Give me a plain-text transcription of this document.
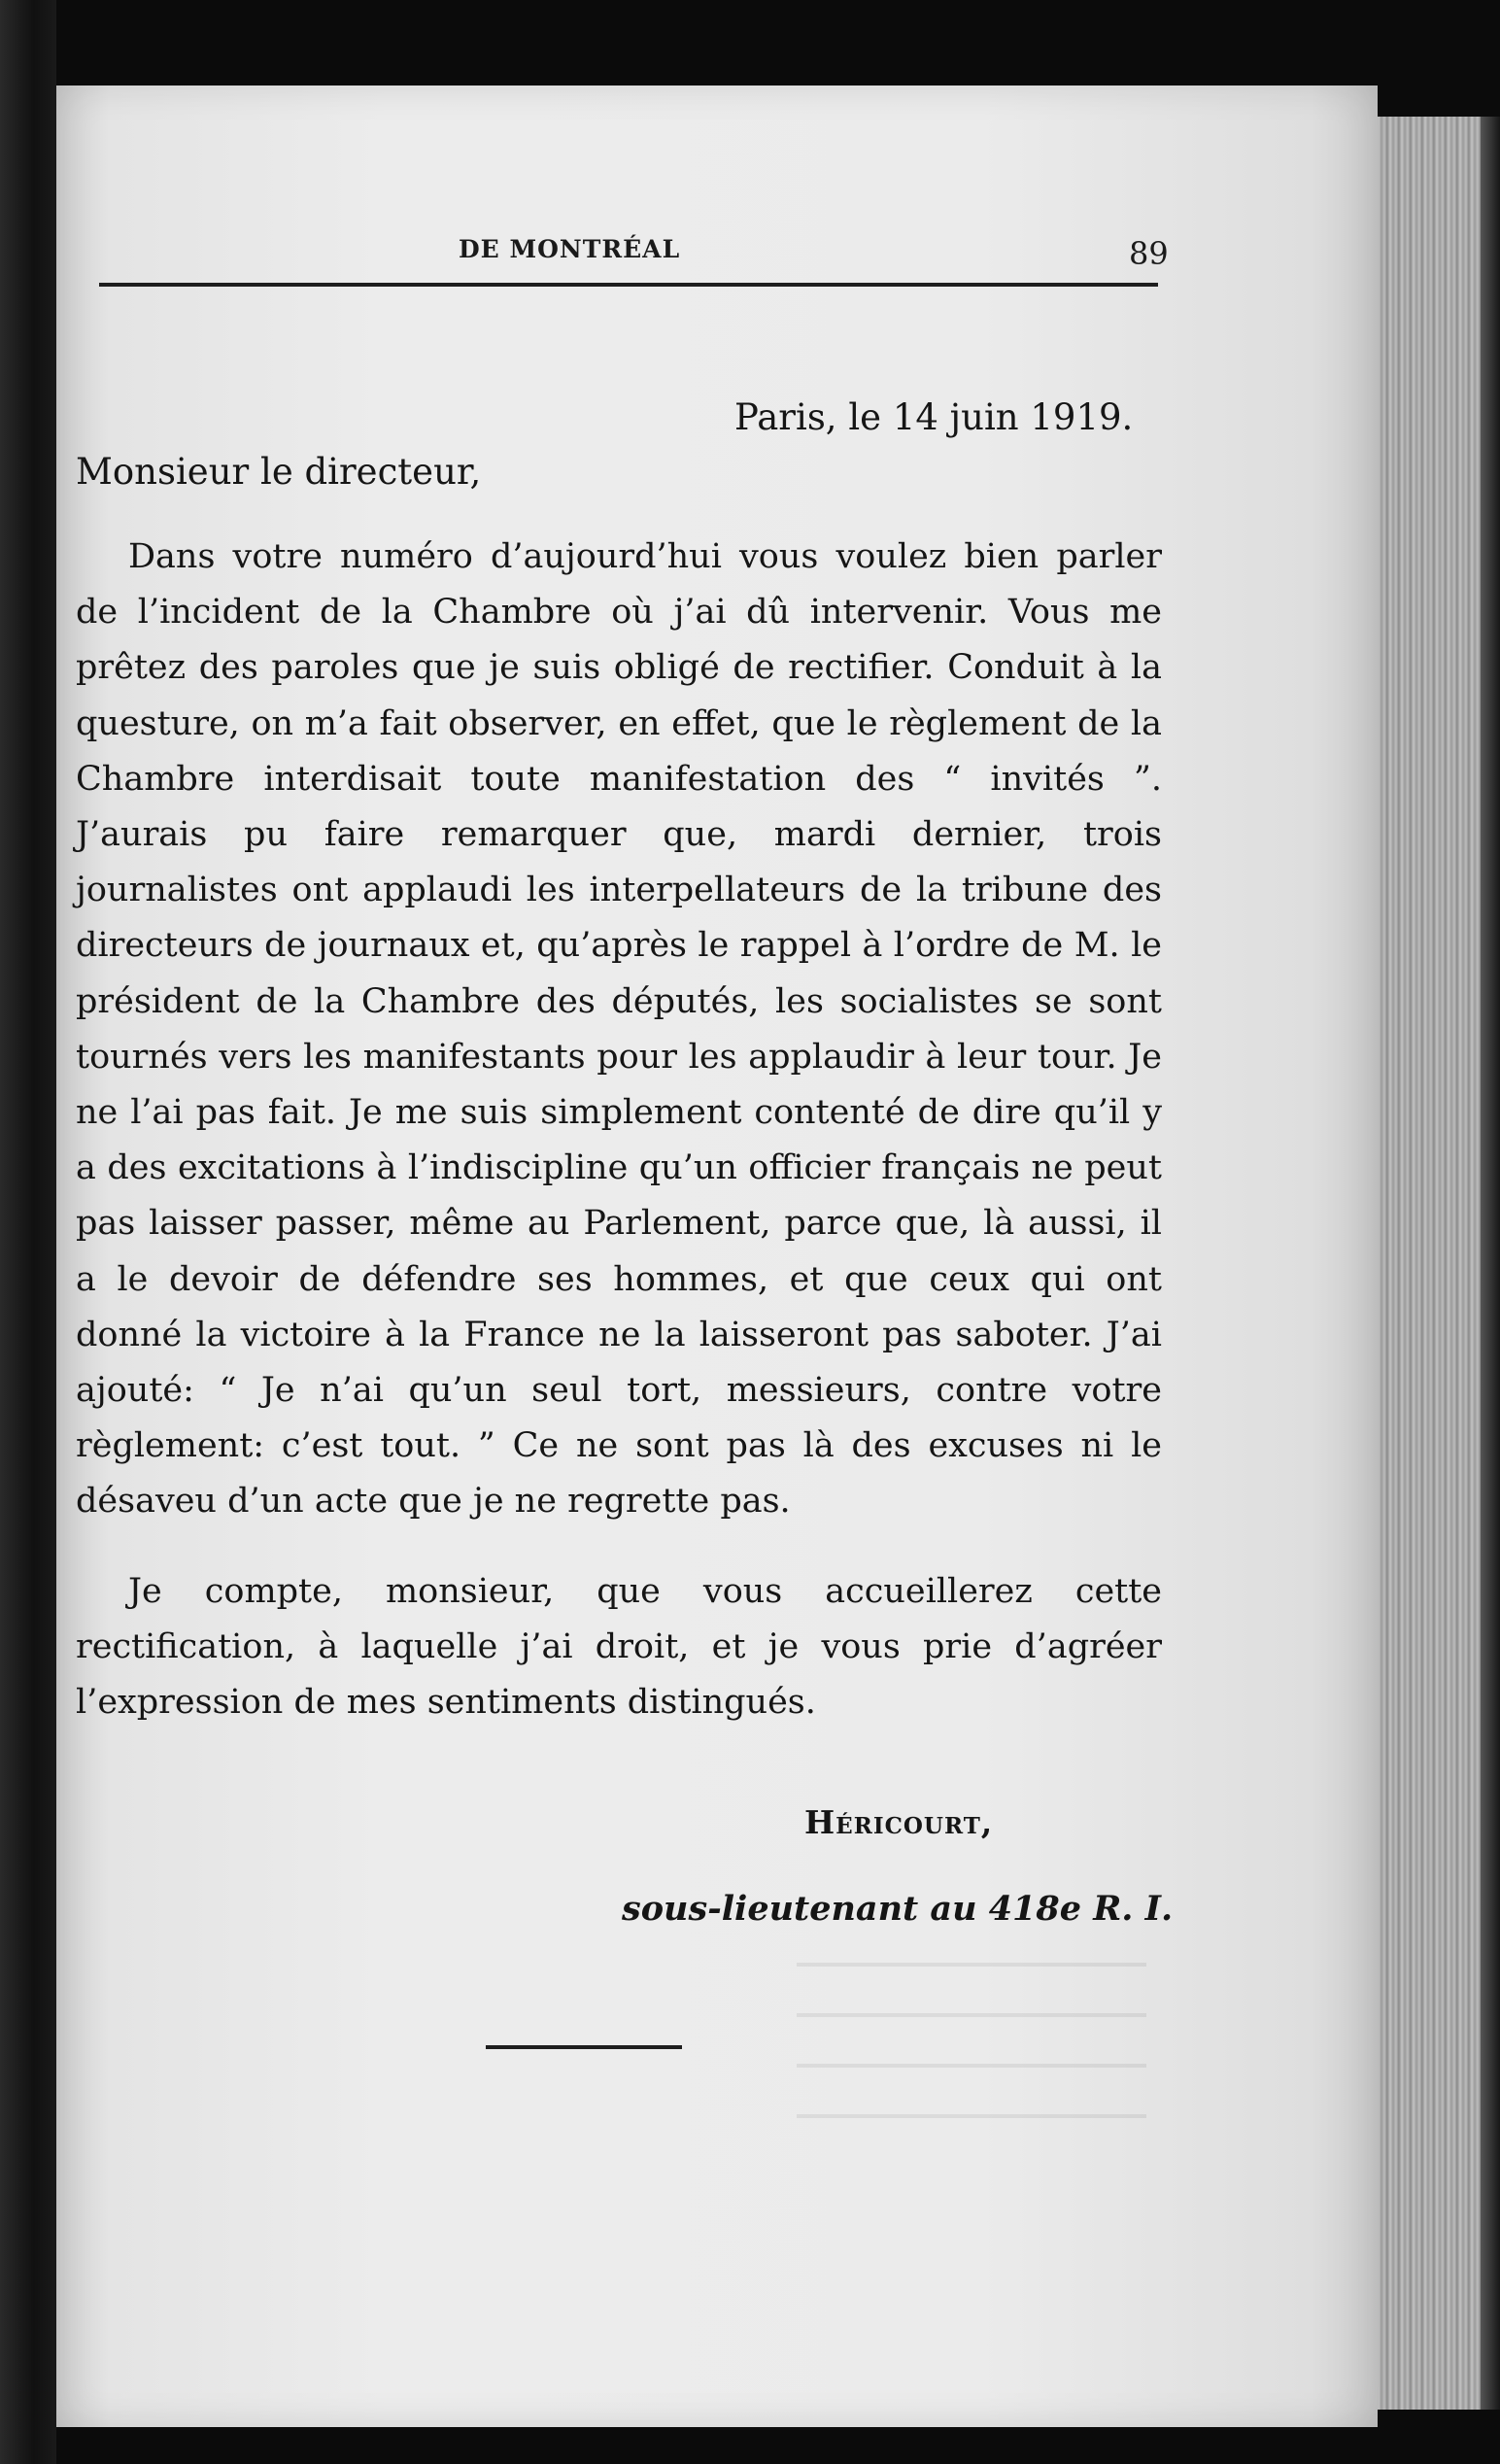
DE MONTRÉAL	89
Paris, le 14 juin 1919.
Monsieur le directeur,

Dans votre numéro d’aujourd’hui vous voulez bien parler de l’incident de la Chambre où j’ai dû intervenir. Vous me prêtez des paroles que je suis obligé de rectifier. Conduit à la questure, on m’a fait observer, en effet, que le règlement de la Chambre interdisait toute manifestation des “ invités ”. J’aurais pu faire remarquer que, mardi dernier, trois journalistes ont applaudi les interpellateurs de la tribune des directeurs de journaux et, qu’après le rappel à l’ordre de M. le président de la Chambre des députés, les socialistes se sont tournés vers les manifestants pour les applaudir à leur tour. Je ne l’ai pas fait. Je me suis simplement contenté de dire qu’il y a des excitations à l’indiscipline qu’un officier français ne peut pas laisser passer, même au Parlement, parce que, là aussi, il a le devoir de défendre ses hommes, et que ceux qui ont donné la victoire à la France ne la laisseront pas saboter. J’ai ajouté: “ Je n’ai qu’un seul tort, messieurs, contre votre règlement: c’est tout. ” Ce ne sont pas là des excuses ni le désaveu d’un acte que je ne regrette pas.

Je compte, monsieur, que vous accueillerez cette rectification, à laquelle j’ai droit, et je vous prie d’agréer l’expression de mes sentiments distingués.

Héricourt,
sous-lieutenant au 418e R. I.
